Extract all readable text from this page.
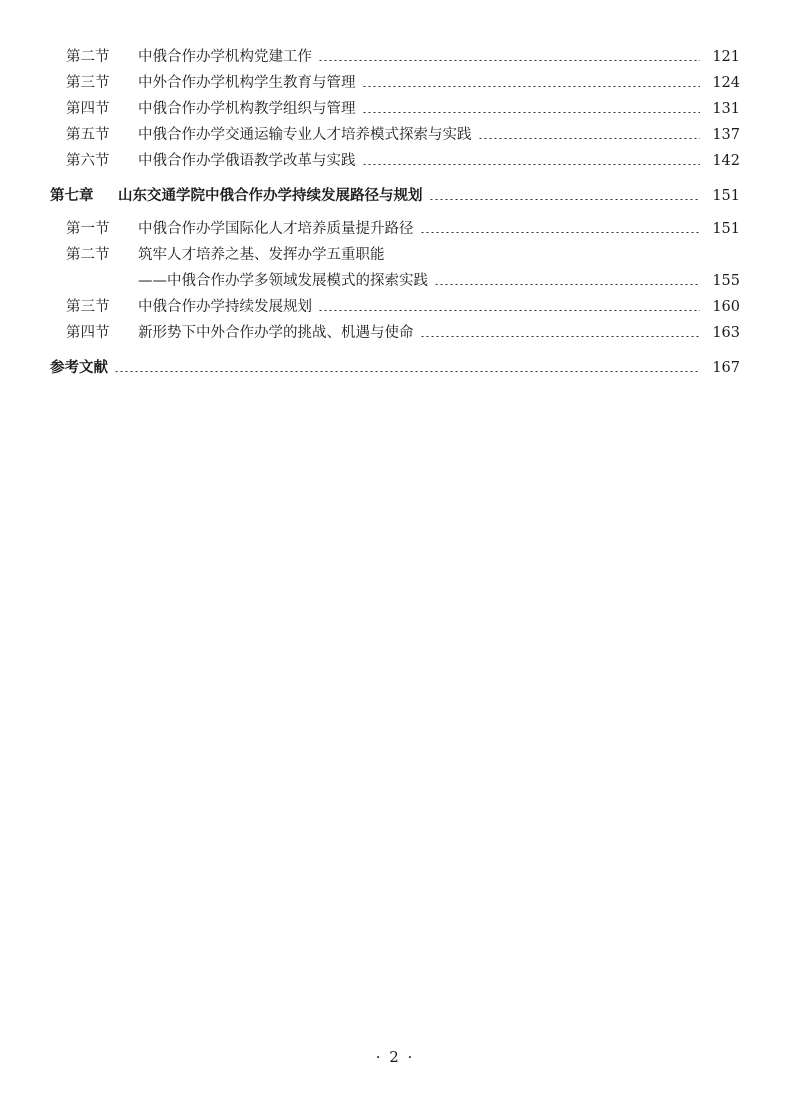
第二节	中俄合作办学机构党建工作	121
第三节	中外合作办学机构学生教育与管理	124
第四节	中俄合作办学机构教学组织与管理	131
第五节	中俄合作办学交通运输专业人才培养模式探索与实践	137
第六节	中俄合作办学俄语教学改革与实践	142
第七章	山东交通学院中俄合作办学持续发展路径与规划	151
第一节	中俄合作办学国际化人才培养质量提升路径	151
第二节	筑牢人才培养之基、发挥办学五重职能
——中俄合作办学多领域发展模式的探索实践	155
第三节	中俄合作办学持续发展规划	160
第四节	新形势下中外合作办学的挑战、机遇与使命	163
参考文献	167
· 2 ·
